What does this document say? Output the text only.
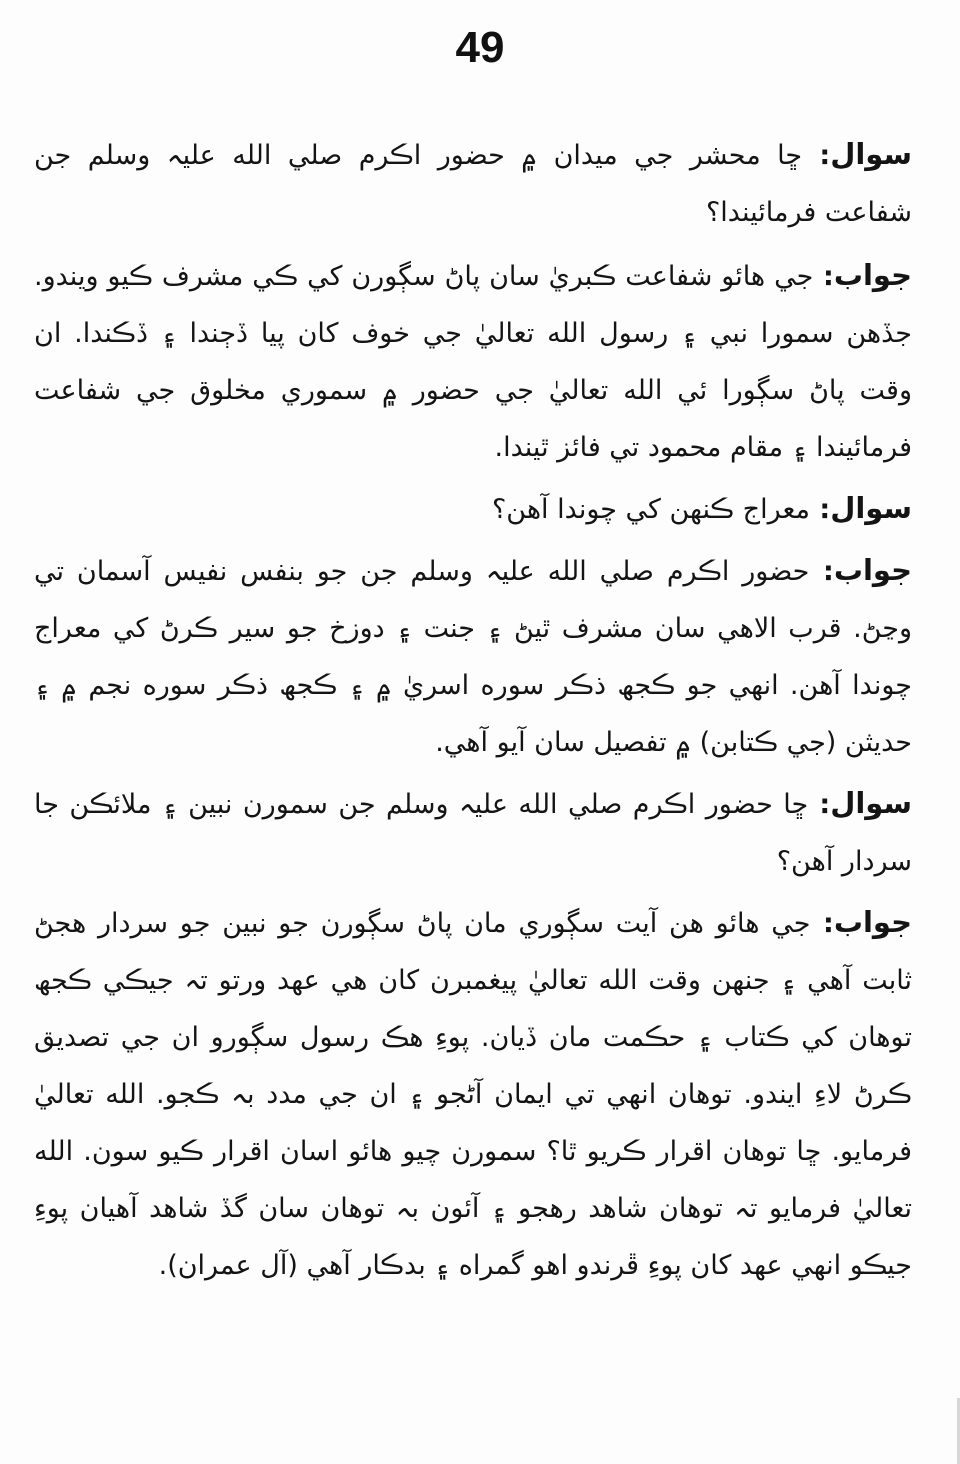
49

سوال: ڇا محشر جي ميدان ۾ حضور اڪرم صلي الله عليہ وسلم جن شفاعت فرمائيندا؟

جواب: جي هائو شفاعت ڪبريٰ سان پاڻ سڳورن کي ڪي مشرف ڪيو ويندو. جڏهن سمورا نبي ۽ رسول الله تعاليٰ جي خوف کان پيا ڏڄندا ۽ ڏڪندا. ان وقت پاڻ سڳورا ئي الله تعاليٰ جي حضور ۾ سموري مخلوق جي شفاعت فرمائيندا ۽ مقام محمود تي فائز ٿيندا.

سوال: معراج ڪنهن کي چوندا آهن؟

جواب: حضور اڪرم صلي الله عليہ وسلم جن جو بنفس نفيس آسمان تي وڃڻ. قرب الاهي سان مشرف ٿيڻ ۽ جنت ۽ دوزخ جو سير ڪرڻ کي معراج چوندا آهن. انهي جو ڪجھ ذڪر سوره اسريٰ ۾ ۽ ڪجھ ذڪر سوره نجم ۾ ۽ حديثن (جي ڪتابن) ۾ تفصيل سان آيو آهي.

سوال: ڇا حضور اڪرم صلي الله عليہ وسلم جن سمورن نبين ۽ ملائڪن جا سردار آهن؟

جواب: جي هائو هن آيت سڳوري مان پاڻ سڳورن جو نبين جو سردار هجڻ ثابت آهي ۽ جنهن وقت الله تعاليٰ پيغمبرن کان هي عهد ورتو تہ جيڪي ڪجھ توهان کي ڪتاب ۽ حڪمت مان ڏيان. پوءِ هڪ رسول سڳورو ان جي تصديق ڪرڻ لاءِ ايندو. توهان انهي تي ايمان آڻجو ۽ ان جي مدد بہ ڪجو. الله تعاليٰ فرمايو. ڇا توهان اقرار ڪريو ٿا؟ سمورن چيو هائو اسان اقرار ڪيو سون. الله تعاليٰ فرمايو تہ توهان شاهد رهجو ۽ آئون بہ توهان سان گڏ شاهد آهيان پوءِ جيڪو انهي عهد کان پوءِ ڦرندو اهو گمراه ۽ بدڪار آهي (آل عمران).
